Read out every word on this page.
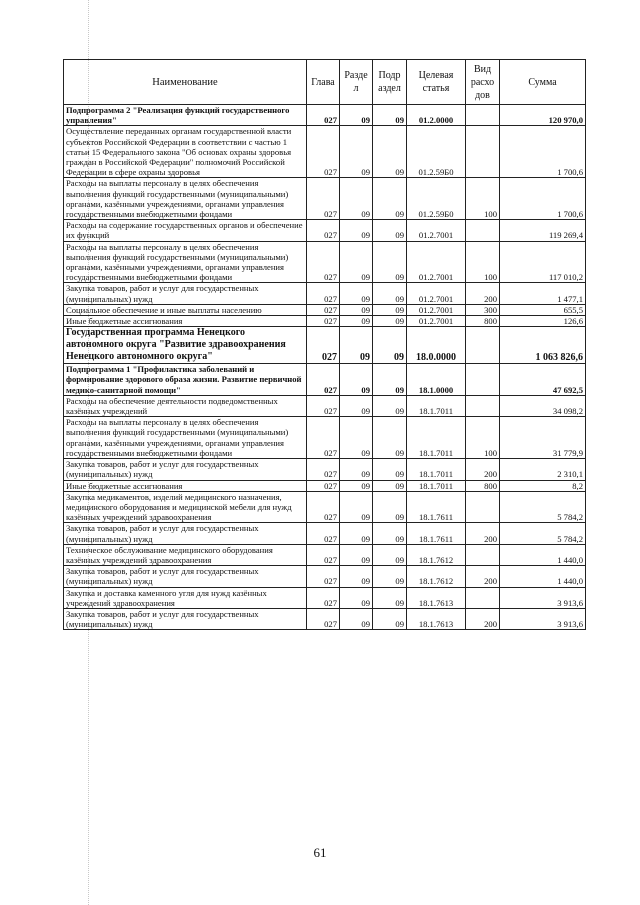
Наименование	Глава	Разде л	Подр аздел	Целевая статья	Вид расхо дов	Сумма
Подпрограмма 2 "Реализация функций государственного управления"	027	09	09	01.2.0000		120 970,0
Осуществление переданных органам государственной власти субъектов Российской Федерации в соответствии с частью 1 статьи 15 Федерального закона "Об основах охраны здоровья граждан в Российской Федерации" полномочий Российской Федерации в сфере охраны здоровья	027	09	09	01.2.59Б0		1 700,6
Расходы на выплаты персоналу в целях обеспечения выполнения функций государственными (муниципальными) органами, казёнными учреждениями, органами управления государственными внебюджетными фондами	027	09	09	01.2.59Б0	100	1 700,6
Расходы на содержание государственных органов и обеспечение их функций	027	09	09	01.2.7001		119 269,4
Расходы на выплаты персоналу в целях обеспечения выполнения функций государственными (муниципальными) органами, казёнными учреждениями, органами управления государственными внебюджетными фондами	027	09	09	01.2.7001	100	117 010,2
Закупка товаров, работ и услуг для государственных (муниципальных) нужд	027	09	09	01.2.7001	200	1 477,1
Социальное обеспечение и иные выплаты населению	027	09	09	01.2.7001	300	655,5
Иные бюджетные ассигнования	027	09	09	01.2.7001	800	126,6
Государственная программа Ненецкого автономного округа "Развитие здравоохранения Ненецкого автономного округа"	027	09	09	18.0.0000		1 063 826,6
Подпрограмма 1 "Профилактика заболеваний и формирование здорового образа жизни. Развитие первичной медико-санитарной помощи"	027	09	09	18.1.0000		47 692,5
Расходы на обеспечение деятельности подведомственных казённых учреждений	027	09	09	18.1.7011		34 098,2
Расходы на выплаты персоналу в целях обеспечения выполнения функций государственными (муниципальными) органами, казёнными учреждениями, органами управления государственными внебюджетными фондами	027	09	09	18.1.7011	100	31 779,9
Закупка товаров, работ и услуг для государственных (муниципальных) нужд	027	09	09	18.1.7011	200	2 310,1
Иные бюджетные ассигнования	027	09	09	18.1.7011	800	8,2
Закупка медикаментов, изделий медицинского назначения, медицинского оборудования и медицинской мебели для нужд казённых учреждений здравоохранения	027	09	09	18.1.7611		5 784,2
Закупка товаров, работ и услуг для государственных (муниципальных) нужд	027	09	09	18.1.7611	200	5 784,2
Техническое обслуживание медицинского оборудования казённых учреждений здравоохранения	027	09	09	18.1.7612		1 440,0
Закупка товаров, работ и услуг для государственных (муниципальных) нужд	027	09	09	18.1.7612	200	1 440,0
Закупка и доставка каменного угля для нужд казённых учреждений здравоохранения	027	09	09	18.1.7613		3 913,6
Закупка товаров, работ и услуг для государственных (муниципальных) нужд	027	09	09	18.1.7613	200	3 913,6
61
